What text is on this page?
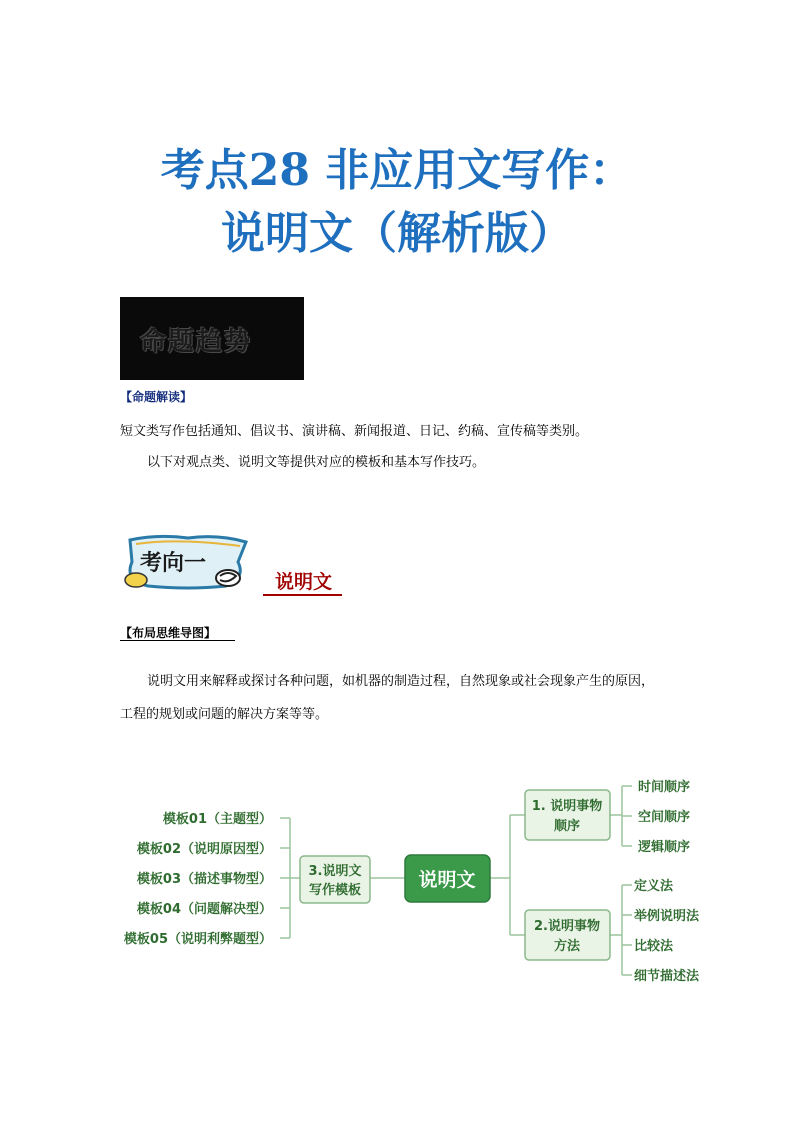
考点28 非应用文写作：
说明文（解析版）
命题趋势
【命题解读】
短文类写作包括通知、倡议书、演讲稿、新闻报道、日记、约稿、宣传稿等类别。
以下对观点类、说明文等提供对应的模板和基本写作技巧。
考向一
说明文
【布局思维导图】
说明文用来解释或探讨各种问题，如机器的制造过程，自然现象或社会现象产生的原因，
工程的规划或问题的解决方案等等。
说明文
3.说明文
写作模板
模板01（主题型）
模板02（说明原因型）
模板03（描述事物型）
模板04（问题解决型）
模板05（说明利弊题型）
1. 说明事物
顺序
2.说明事物
方法
时间顺序
空间顺序
逻辑顺序
定义法
举例说明法
比较法
细节描述法
